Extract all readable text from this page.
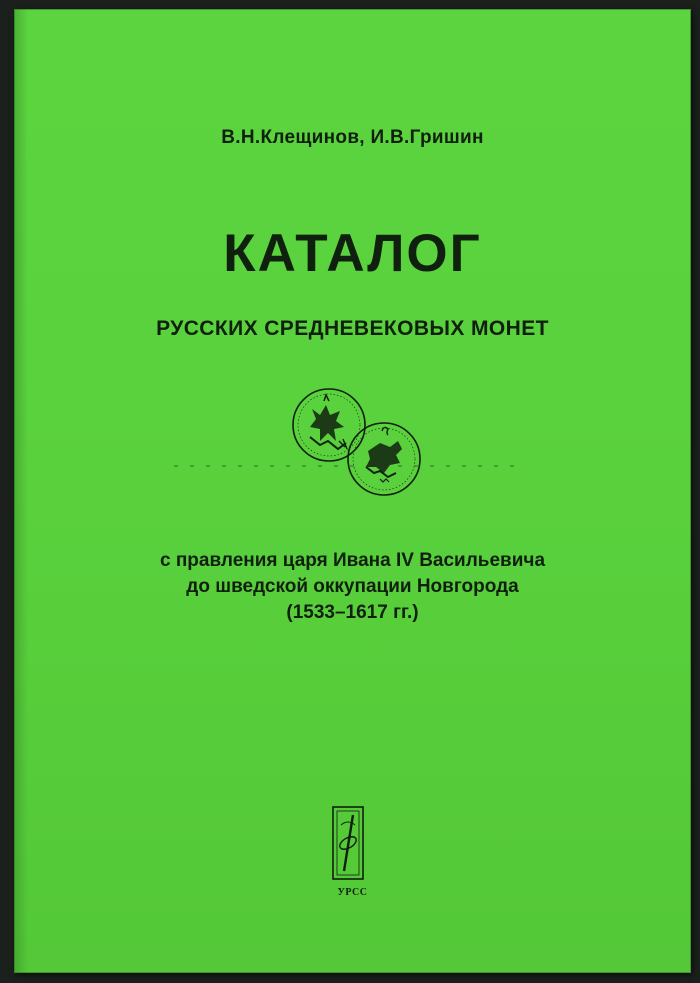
В.Н.Клещинов, И.В.Гришин
КАТАЛОГ
РУССКИХ СРЕДНЕВЕКОВЫХ МОНЕТ
с правления царя Ивана IV Васильевича
до шведской оккупации Новгорода
(1533–1617 гг.)
УРСС
